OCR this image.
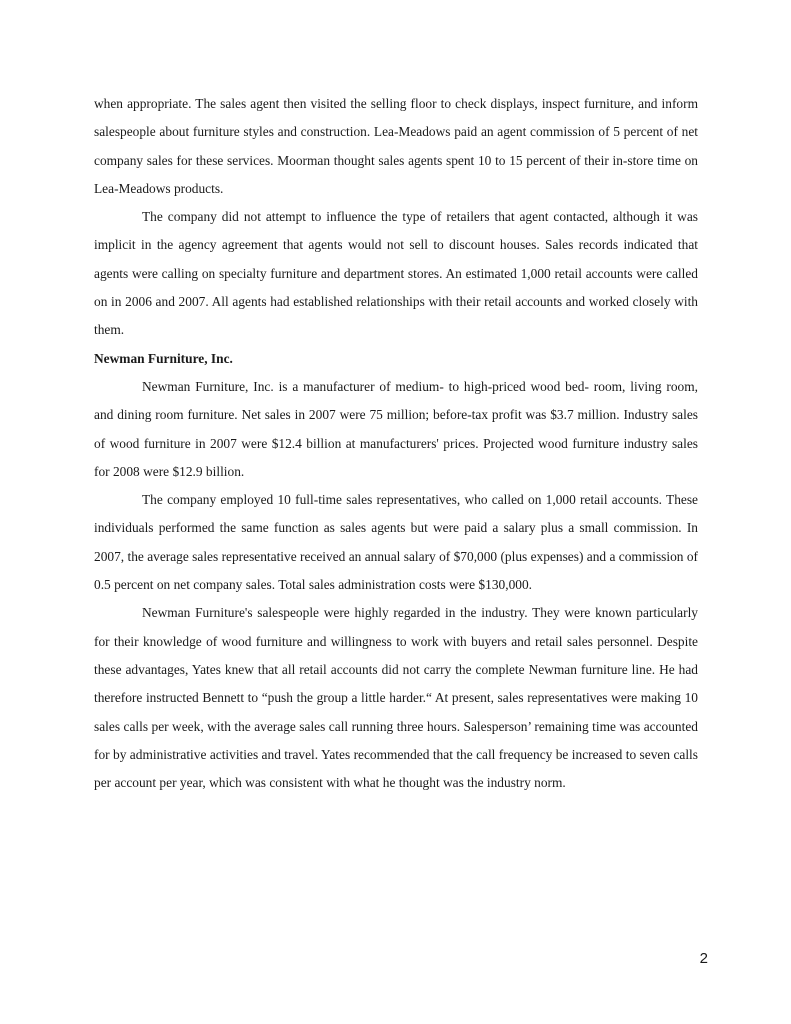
when appropriate. The sales agent then visited the selling floor to check displays, inspect furniture, and inform salespeople about furniture styles and construction. Lea-Meadows paid an agent commission of 5 percent of net company sales for these services. Moorman thought sales agents spent 10 to 15 percent of their in-store time on Lea-Meadows products.

The company did not attempt to influence the type of retailers that agent contacted, although it was implicit in the agency agreement that agents would not sell to discount houses. Sales records indicated that agents were calling on specialty furniture and department stores. An estimated 1,000 retail accounts were called on in 2006 and 2007. All agents had established relationships with their retail accounts and worked closely with them.

Newman Furniture, Inc.

Newman Furniture, Inc. is a manufacturer of medium- to high-priced wood bed- room, living room, and dining room furniture. Net sales in 2007 were 75 million; before-tax profit was $3.7 million. Industry sales of wood furniture in 2007 were $12.4 billion at manufacturers' prices. Projected wood furniture industry sales for 2008 were $12.9 billion.

The company employed 10 full-time sales representatives, who called on 1,000 retail accounts. These individuals performed the same function as sales agents but were paid a salary plus a small commission. In 2007, the average sales representative received an annual salary of $70,000 (plus expenses) and a commission of 0.5 percent on net company sales. Total sales administration costs were $130,000.

Newman Furniture's salespeople were highly regarded in the industry. They were known particularly for their knowledge of wood furniture and willingness to work with buyers and retail sales personnel. Despite these advantages, Yates knew that all retail accounts did not carry the complete Newman furniture line. He had therefore instructed Bennett to “push the group a little harder.“ At present, sales representatives were making 10 sales calls per week, with the average sales call running three hours. Salesperson’ remaining time was accounted for by administrative activities and travel. Yates recommended that the call frequency be increased to seven calls per account per year, which was consistent with what he thought was the industry norm.

2
